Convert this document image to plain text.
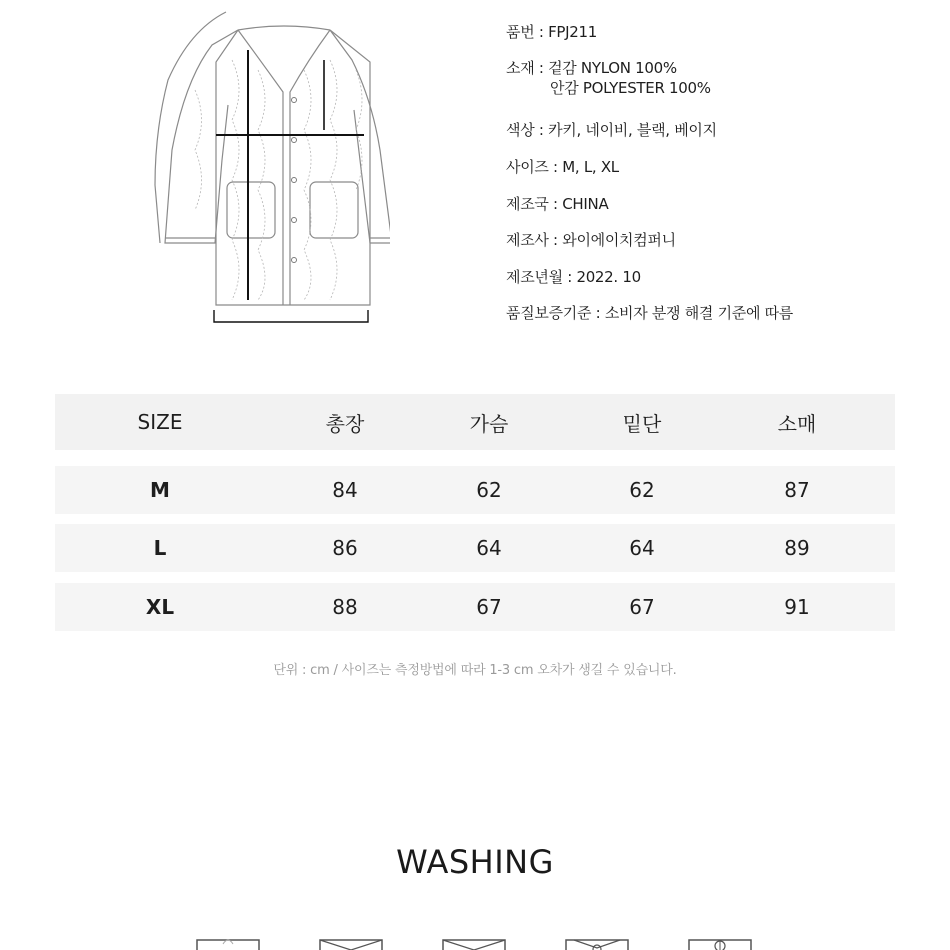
품번 : FPJ211
소재 : 겉감 NYLON 100%
안감 POLYESTER 100%
색상 : 카키, 네이비, 블랙, 베이지
사이즈 : M, L, XL
제조국 : CHINA
제조사 : 와이에이치컴퍼니
제조년월 : 2022. 10
품질보증기준 : 소비자 분쟁 해결 기준에 따름
SIZE	총장	가슴	밑단	소매
M	84	62	62	87
L	86	64	64	89
XL	88	67	67	91
단위 : cm / 사이즈는 측정방법에 따라 1-3 cm 오차가 생길 수 있습니다.
WASHING
